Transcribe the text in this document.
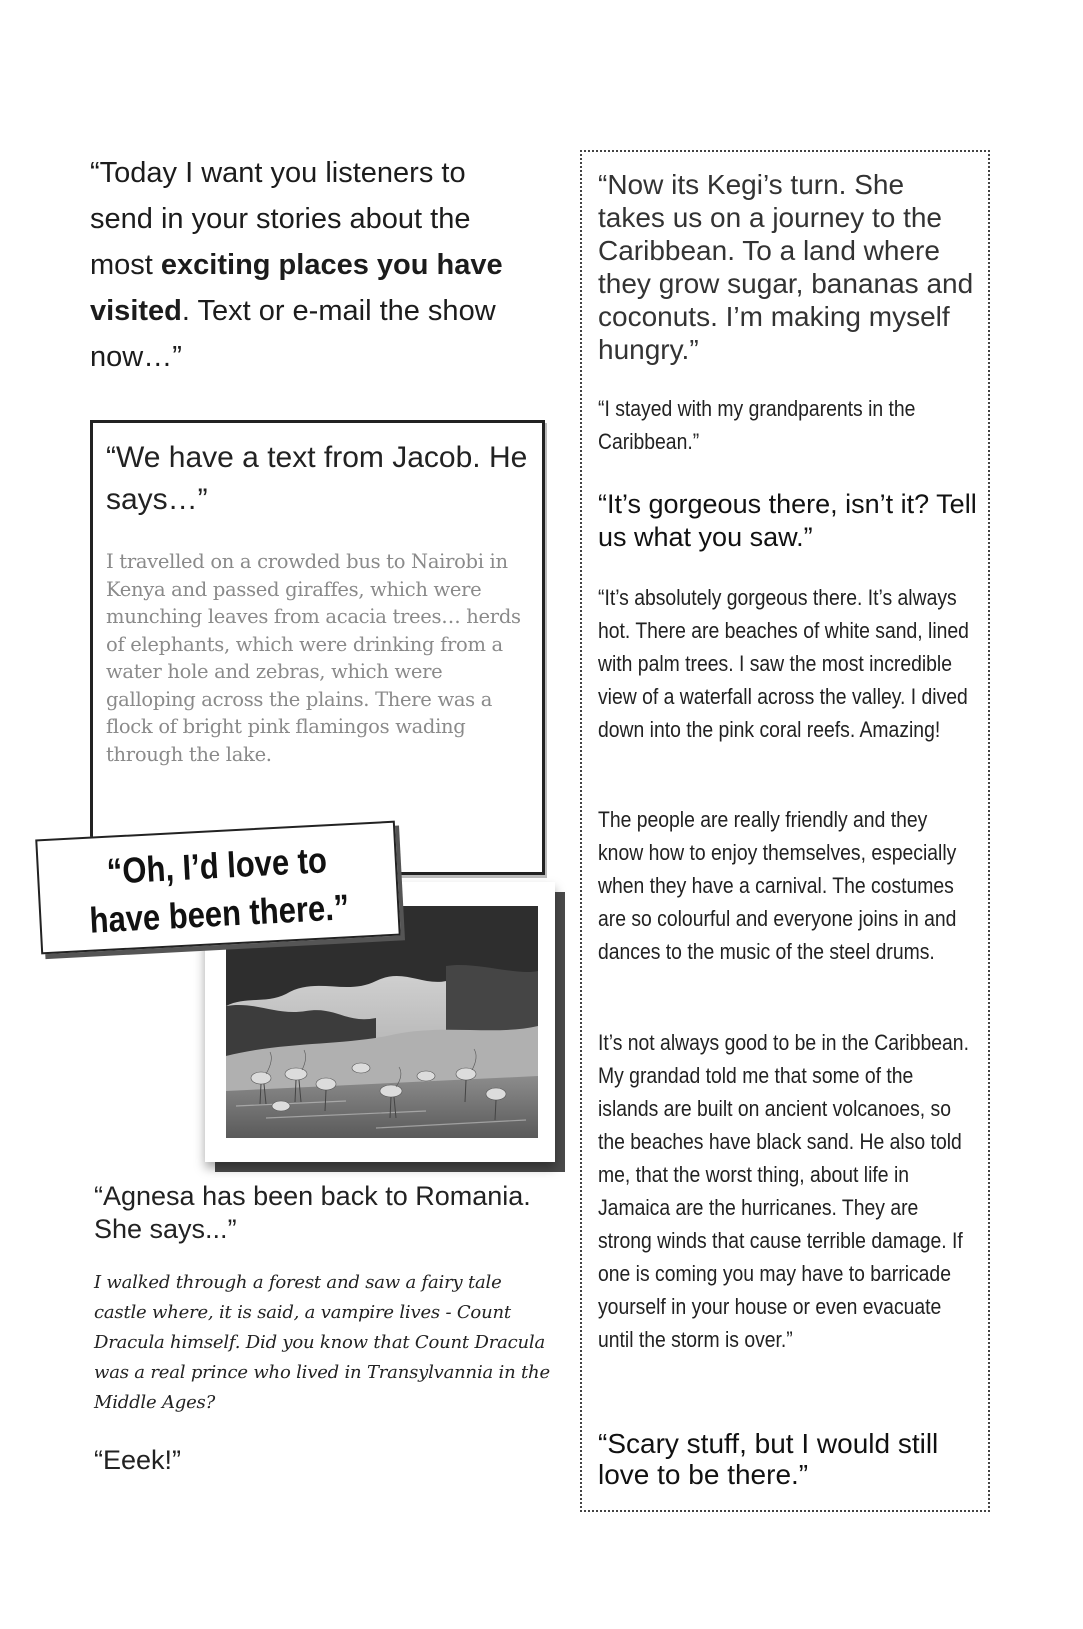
“Today I want you listeners to send in your stories about the most exciting places you have visited. Text or e-mail the show now…”
“We have a text from Jacob. He says…”
I travelled on a crowded bus to Nairobi in Kenya and passed giraffes, which were munching leaves from acacia trees… herds of elephants, which were drinking from a water hole and zebras, which were galloping across the plains. There was a flock of bright pink flamingos wading through the lake.
“Oh, I’d love to
have been there.”
“Agnesa has been back to Romania. She says...”
I walked through a forest and saw a fairy tale castle where, it is said, a vampire lives - Count Dracula himself. Did you know that Count Dracula was a real prince who lived in Transylvannia in the Middle Ages?
“Eeek!”
“Now its Kegi’s turn. She takes us on a journey to the Caribbean. To a land where they grow sugar, bananas and coconuts. I’m making myself hungry.”
“I stayed with my grandparents in the Caribbean.”
“It’s gorgeous there, isn’t it? Tell us what you saw.”
“It’s absolutely gorgeous there. It’s always hot. There are beaches of white sand, lined with palm trees. I saw the most incredible view of a waterfall across the valley. I dived down into the pink coral reefs. Amazing!
The people are really friendly and they know how to enjoy themselves, especially when they have a carnival. The costumes are so colourful and everyone joins in and dances to the music of the steel drums.
It’s not always good to be in the Caribbean. My grandad told me that some of the islands are built on ancient volcanoes, so the beaches have black sand. He also told me, that the worst thing, about life in Jamaica are the hurricanes. They are strong winds that cause terrible damage. If one is coming you may have to barricade yourself in your house or even evacuate until the storm is over.”
“Scary stuff, but I would still love to be there.”
